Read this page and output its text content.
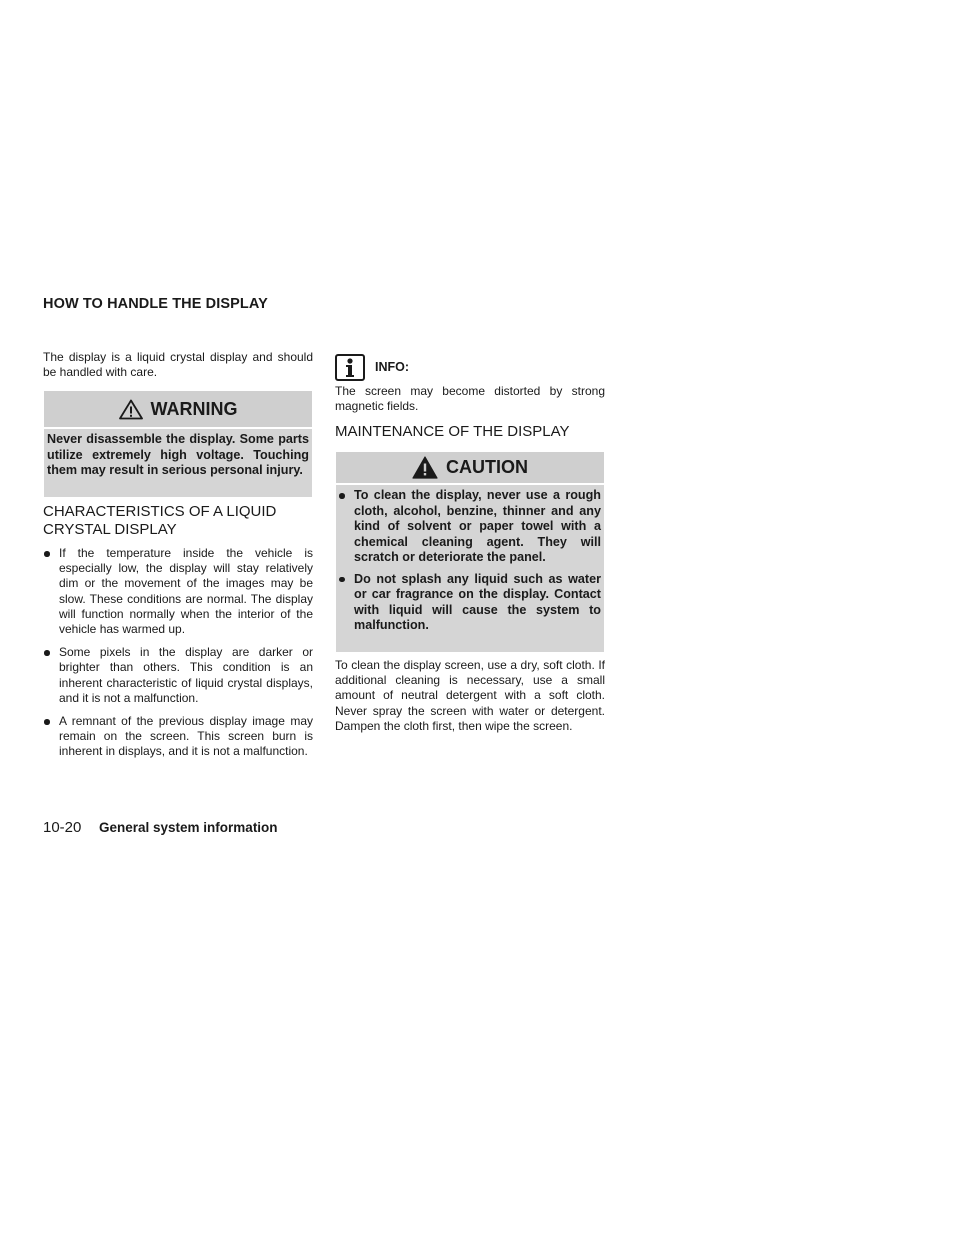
HOW TO HANDLE THE DISPLAY
The display is a liquid crystal display and should be handled with care.
WARNING
Never disassemble the display. Some parts utilize extremely high voltage. Touching them may result in serious personal injury.
CHARACTERISTICS OF A LIQUID CRYSTAL DISPLAY
If the temperature inside the vehicle is especially low, the display will stay relatively dim or the movement of the images may be slow. These conditions are normal. The display will function normally when the interior of the vehicle has warmed up.
Some pixels in the display are darker or brighter than others. This condition is an inherent characteristic of liquid crystal displays, and it is not a malfunction.
A remnant of the previous display image may remain on the screen. This screen burn is inherent in displays, and it is not a malfunction.
INFO:
The screen may become distorted by strong magnetic fields.
MAINTENANCE OF THE DISPLAY
CAUTION
To clean the display, never use a rough cloth, alcohol, benzine, thinner and any kind of solvent or paper towel with a chemical cleaning agent. They will scratch or deteriorate the panel.
Do not splash any liquid such as water or car fragrance on the display. Contact with liquid will cause the system to malfunction.
To clean the display screen, use a dry, soft cloth. If additional cleaning is necessary, use a small amount of neutral detergent with a soft cloth. Never spray the screen with water or detergent. Dampen the cloth first, then wipe the screen.
10-20 General system information
